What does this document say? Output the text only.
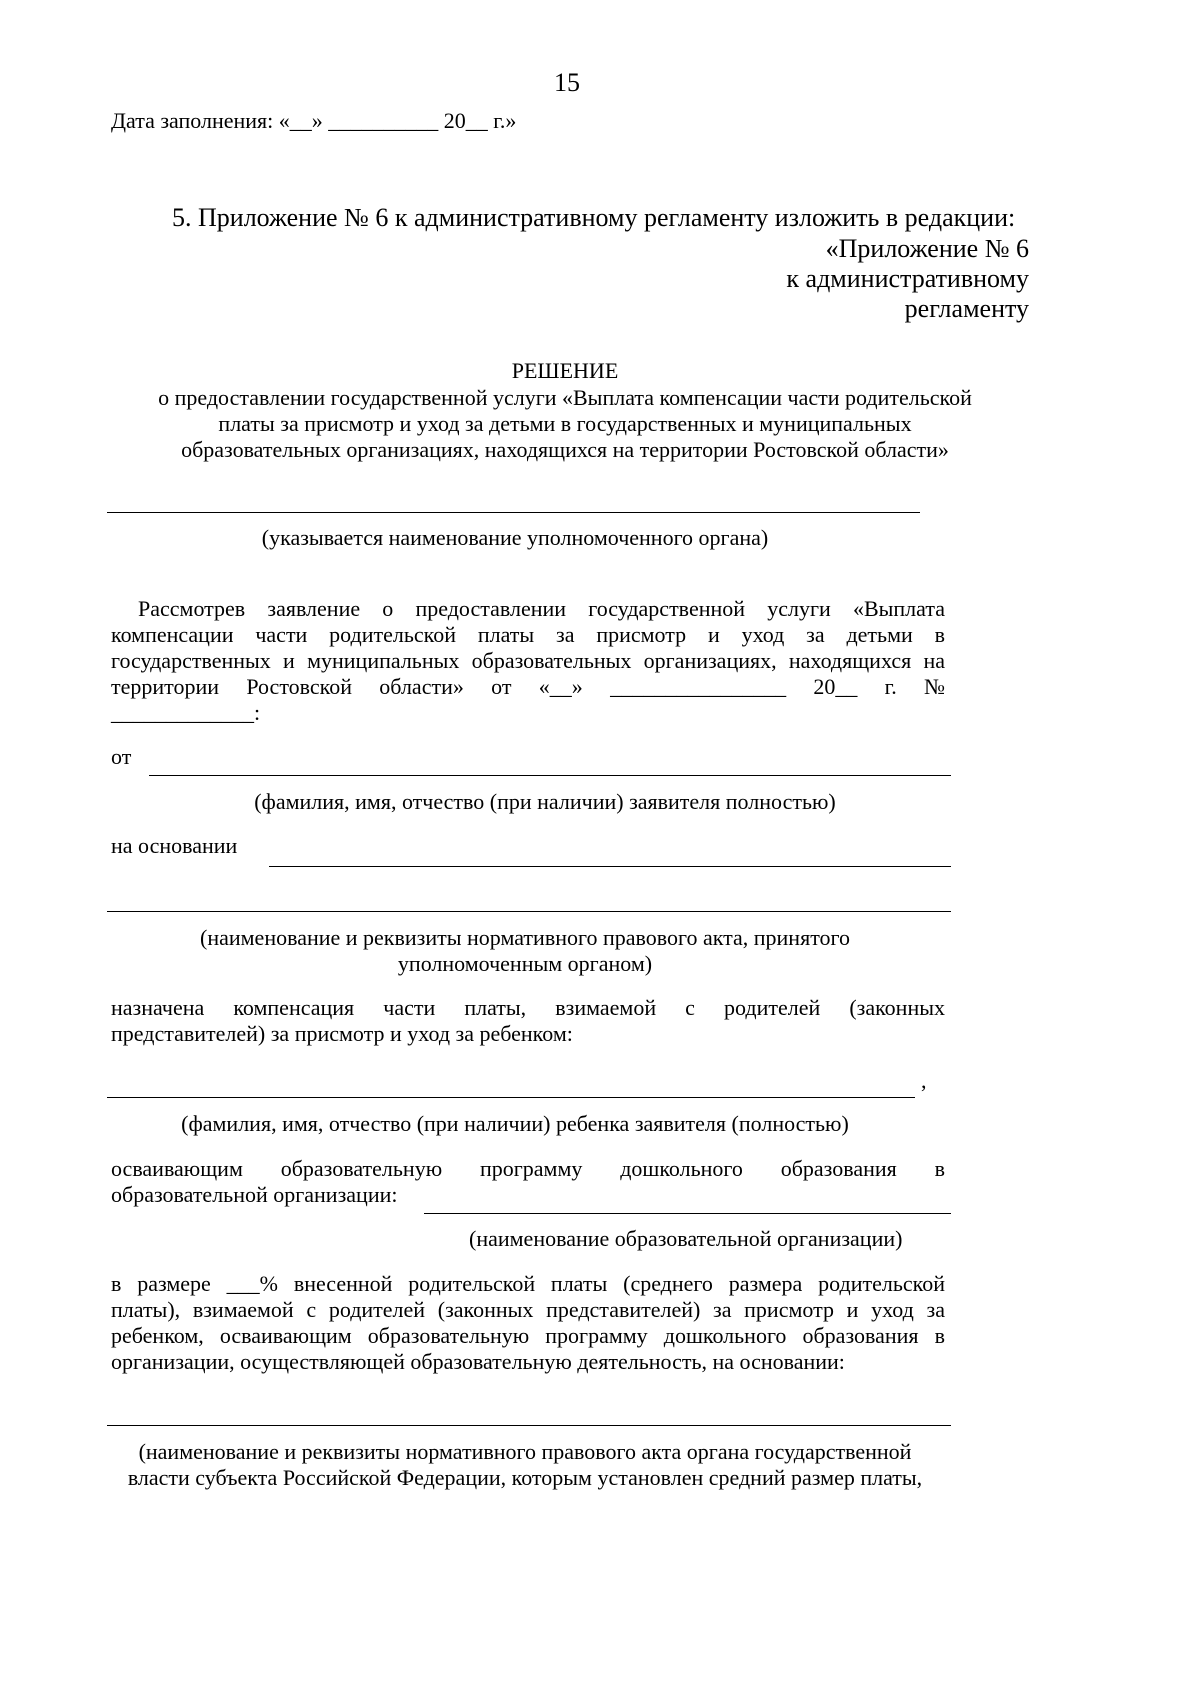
15
Дата заполнения: «__» __________ 20__ г.»
5. Приложение № 6 к административному регламенту изложить в редакции:
«Приложение № 6
к административному
регламенту
РЕШЕНИЕ
о предоставлении государственной услуги «Выплата компенсации части родительской
платы за присмотр и уход за детьми в государственных и муниципальных
образовательных организациях, находящихся на территории Ростовской области»
(указывается наименование уполномоченного органа)
Рассмотрев заявление о предоставлении государственной услуги «Выплата
компенсации части родительской платы за присмотр и уход за детьми в
государственных и муниципальных образовательных организациях, находящихся на
территории Ростовской области» от «__» ________________ 20__ г. №
_____________:
от
(фамилия, имя, отчество (при наличии) заявителя полностью)
на основании
(наименование и реквизиты нормативного правового акта, принятого
уполномоченным органом)
назначена компенсация части платы, взимаемой с родителей (законных
представителей) за присмотр и уход за ребенком:
,
(фамилия, имя, отчество (при наличии) ребенка заявителя (полностью)
осваивающим образовательную программу дошкольного образования в
образовательной организации:
(наименование образовательной организации)
в размере ___% внесенной родительской платы (среднего размера родительской
платы), взимаемой с родителей (законных представителей) за присмотр и уход за
ребенком, осваивающим образовательную программу дошкольного образования в
организации, осуществляющей образовательную деятельность, на основании:
(наименование и реквизиты нормативного правового акта органа государственной
власти субъекта Российской Федерации, которым установлен средний размер платы,
